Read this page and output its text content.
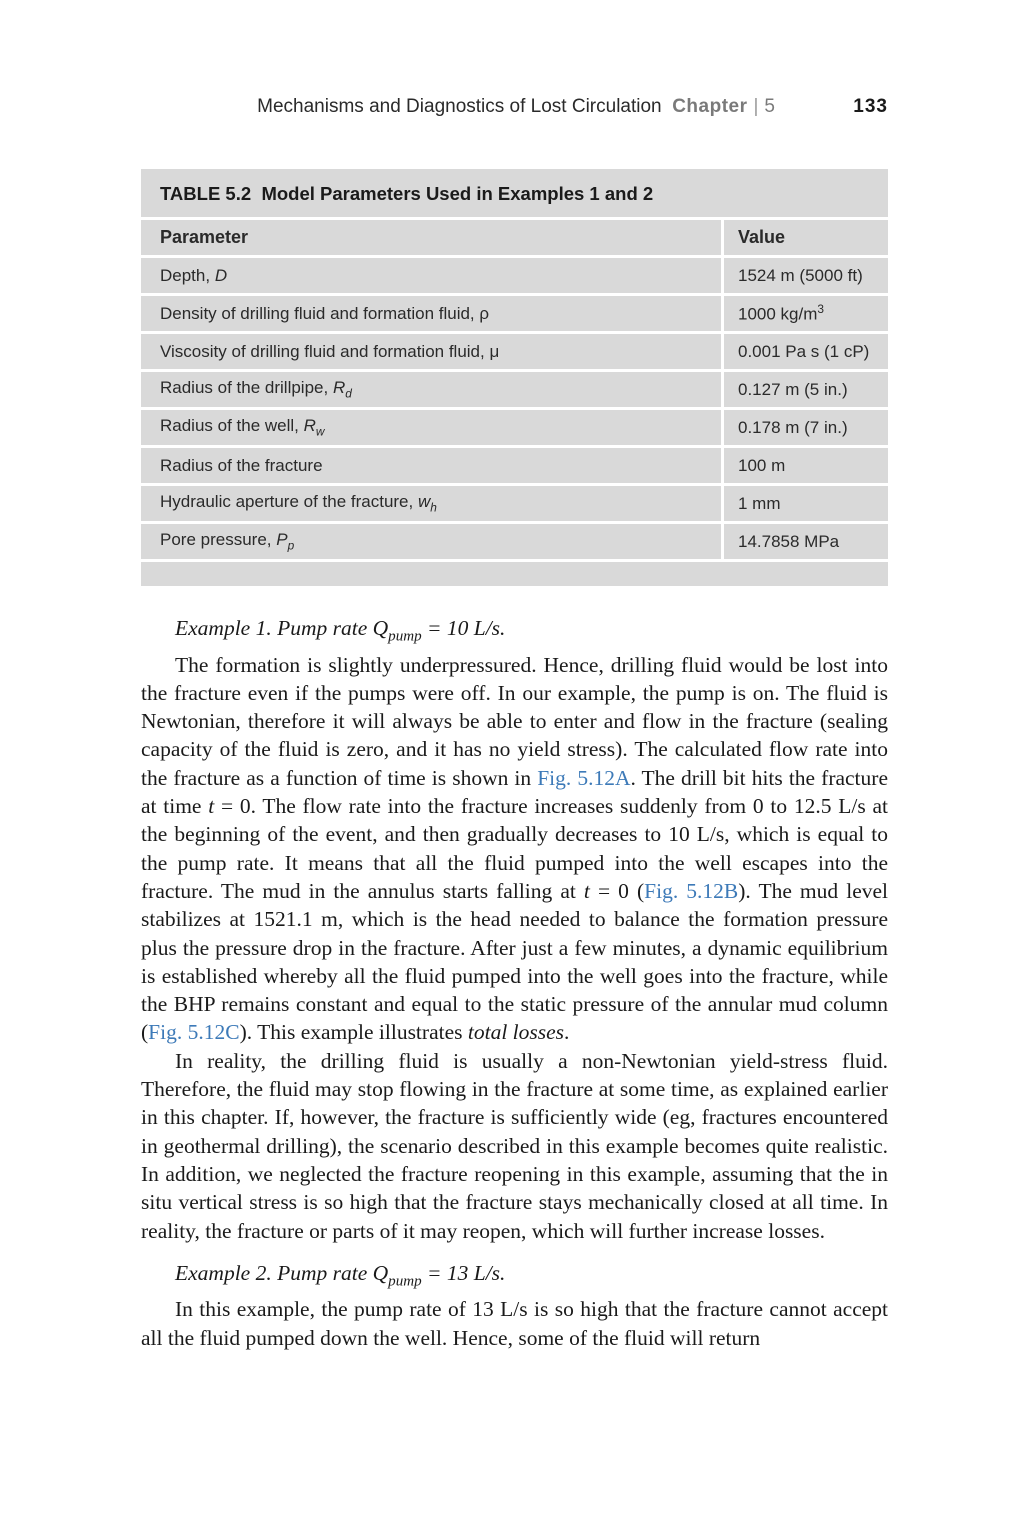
Mechanisms and Diagnostics of Lost Circulation Chapter | 5	133
TABLE 5.2 Model Parameters Used in Examples 1 and 2
Parameter	Value
Depth, D	1524 m (5000 ft)
Density of drilling fluid and formation fluid, ρ	1000 $kg/m^3$
Viscosity of drilling fluid and formation fluid, μ	0.001 Pa s (1 cP)
Radius of the drillpipe, $R_d$	0.127 m (5 in.)
Radius of the well, $R_w$	0.178 m (7 in.)
Radius of the fracture	100 m
Hydraulic aperture of the fracture, $w_h$	1 mm
Pore pressure, $P_p$	14.7858 MPa

Example 1. Pump rate $Q_{pump} = 10$ L/s.

The formation is slightly underpressured. Hence, drilling fluid would be lost into the fracture even if the pumps were off. In our example, the pump is on. The fluid is Newtonian, therefore it will always be able to enter and flow in the fracture (sealing capacity of the fluid is zero, and it has no yield stress). The calculated flow rate into the fracture as a function of time is shown in Fig. 5.12A. The drill bit hits the fracture at time t = 0. The flow rate into the fracture increases suddenly from 0 to 12.5 L/s at the beginning of the event, and then gradually decreases to 10 L/s, which is equal to the pump rate. It means that all the fluid pumped into the well escapes into the fracture. The mud in the annulus starts falling at t = 0 (Fig. 5.12B). The mud level stabilizes at 1521.1 m, which is the head needed to balance the formation pressure plus the pressure drop in the fracture. After just a few minutes, a dynamic equilibrium is established whereby all the fluid pumped into the well goes into the fracture, while the BHP remains constant and equal to the static pressure of the annular mud column (Fig. 5.12C). This example illustrates total losses.

In reality, the drilling fluid is usually a non-Newtonian yield-stress fluid. Therefore, the fluid may stop flowing in the fracture at some time, as explained earlier in this chapter. If, however, the fracture is sufficiently wide (eg, fractures encountered in geothermal drilling), the scenario described in this example becomes quite realistic. In addition, we neglected the fracture reopening in this example, assuming that the in situ vertical stress is so high that the fracture stays mechanically closed at all time. In reality, the fracture or parts of it may reopen, which will further increase losses.

Example 2. Pump rate $Q_{pump} = 13$ L/s.

In this example, the pump rate of 13 L/s is so high that the fracture cannot accept all the fluid pumped down the well. Hence, some of the fluid will return
